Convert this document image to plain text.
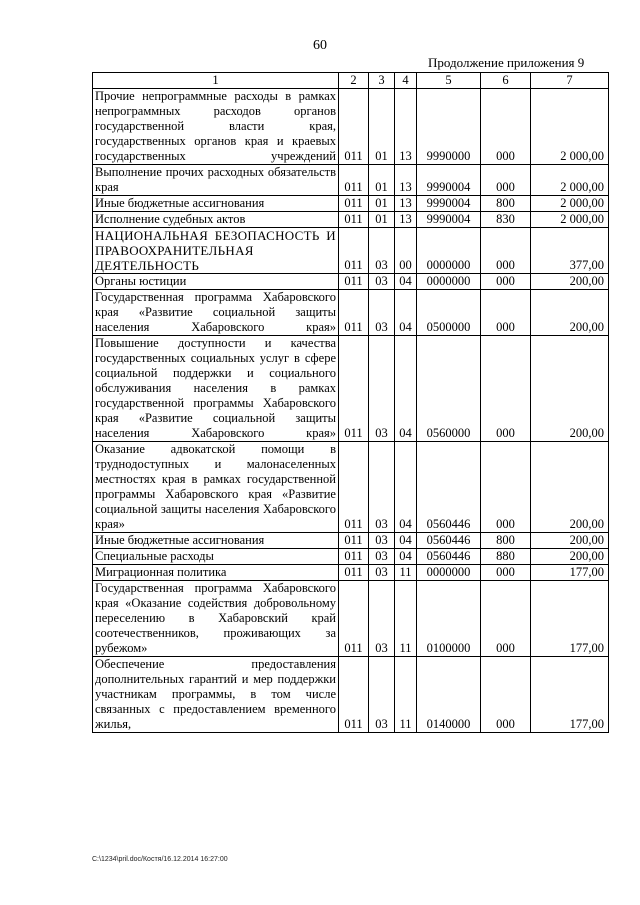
60
Продолжение приложения 9
1	2	3	4	5	6	7
Прочие непрограммные расходы в рамках непрограммных расходов органов государственной власти края, государственных органов края и краевых государственных учреждений	011	01	13	9990000	000	2 000,00
Выполнение прочих расходных обязательств края	011	01	13	9990004	000	2 000,00
Иные бюджетные ассигнования	011	01	13	9990004	800	2 000,00
Исполнение судебных актов	011	01	13	9990004	830	2 000,00
НАЦИОНАЛЬНАЯ БЕЗОПАСНОСТЬ И ПРАВООХРАНИТЕЛЬНАЯ ДЕЯТЕЛЬНОСТЬ	011	03	00	0000000	000	377,00
Органы юстиции	011	03	04	0000000	000	200,00
Государственная программа Хабаровского края «Развитие социальной защиты населения Хабаровского края»	011	03	04	0500000	000	200,00
Повышение доступности и качества государственных социальных услуг в сфере социальной поддержки и социального обслуживания населения в рамках государственной программы Хабаровского края «Развитие социальной защиты населения Хабаровского края»	011	03	04	0560000	000	200,00
Оказание адвокатской помощи в труднодоступных и малонаселенных местностях края в рамках государственной программы Хабаровского края «Развитие социальной защиты населения Хабаровского края»	011	03	04	0560446	000	200,00
Иные бюджетные ассигнования	011	03	04	0560446	800	200,00
Специальные расходы	011	03	04	0560446	880	200,00
Миграционная политика	011	03	11	0000000	000	177,00
Государственная программа Хабаровского края «Оказание содействия добровольному переселению в Хабаровский край соотечественников, проживающих за рубежом»	011	03	11	0100000	000	177,00
Обеспечение предоставления дополнительных гарантий и мер поддержки участникам программы, в том числе связанных с предоставлением временного жилья,	011	03	11	0140000	000	177,00
C:\1234\pril.doc/Костя/16.12.2014 16:27:00
